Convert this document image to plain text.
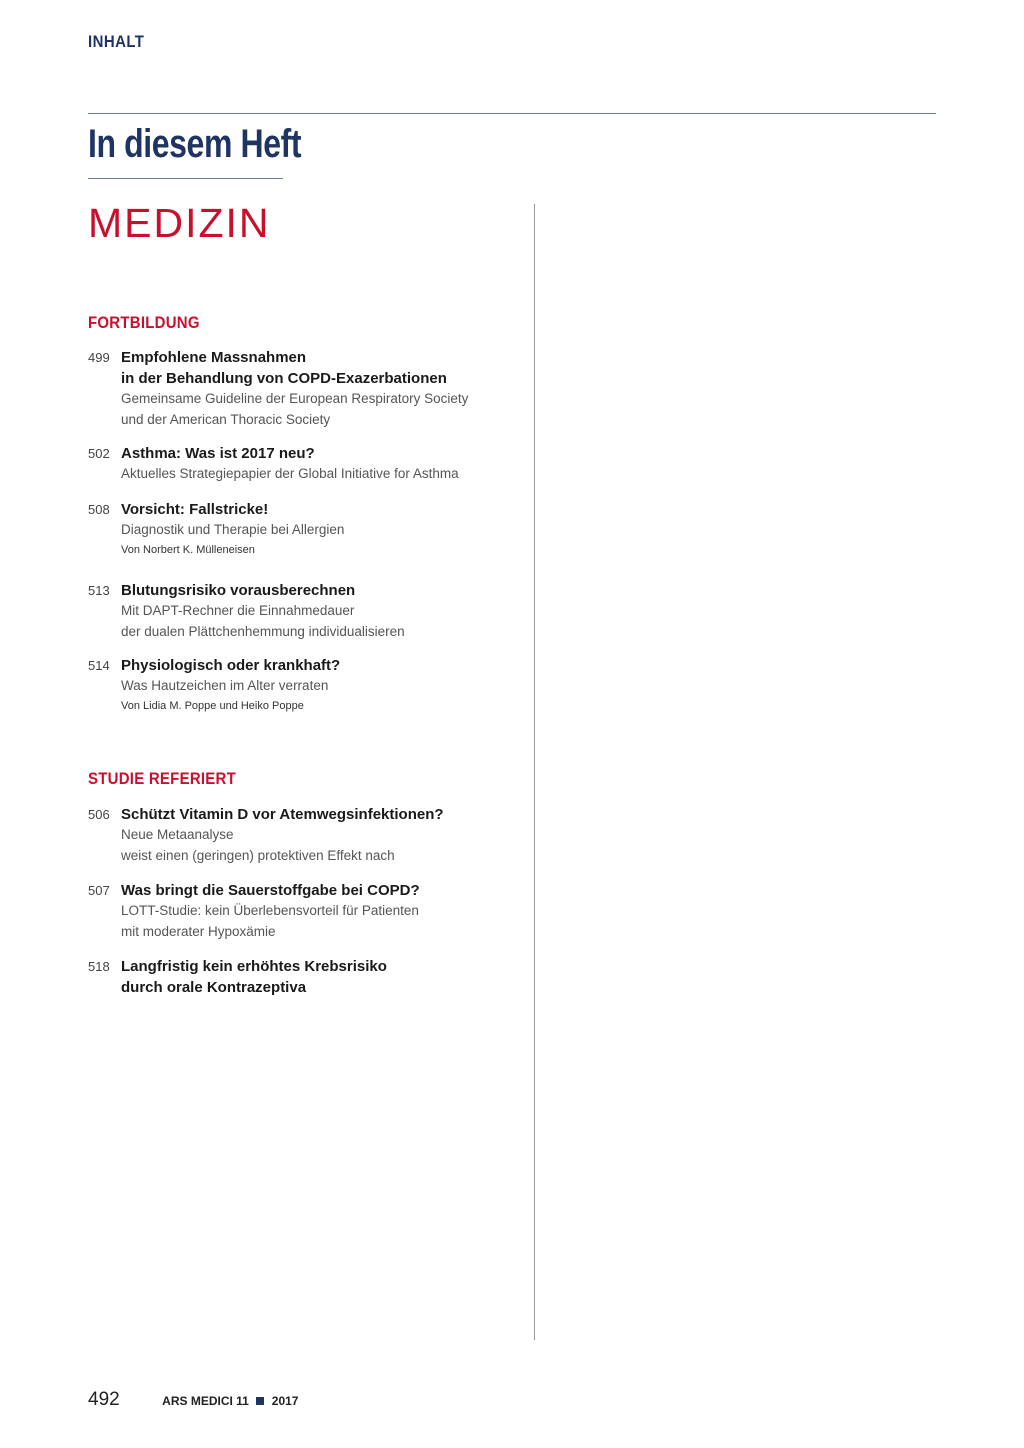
INHALT
In diesem Heft
MEDIZIN
FORTBILDUNG
499 Empfohlene Massnahmen
in der Behandlung von COPD-Exazerbationen
Gemeinsame Guideline der European Respiratory Society
und der American Thoracic Society
502 Asthma: Was ist 2017 neu?
Aktuelles Strategiepapier der Global Initiative for Asthma
508 Vorsicht: Fallstricke!
Diagnostik und Therapie bei Allergien
Von Norbert K. Mülleneisen
513 Blutungsrisiko vorausberechnen
Mit DAPT-Rechner die Einnahmedauer
der dualen Plättchenhemmung individualisieren
514 Physiologisch oder krankhaft?
Was Hautzeichen im Alter verraten
Von Lidia M. Poppe und Heiko Poppe
STUDIE REFERIERT
506 Schützt Vitamin D vor Atemwegsinfektionen?
Neue Metaanalyse
weist einen (geringen) protektiven Effekt nach
507 Was bringt die Sauerstoffgabe bei COPD?
LOTT-Studie: kein Überlebensvorteil für Patienten
mit moderater Hypoxämie
518 Langfristig kein erhöhtes Krebsrisiko
durch orale Kontrazeptiva
492	ARS MEDICI 11 2017
